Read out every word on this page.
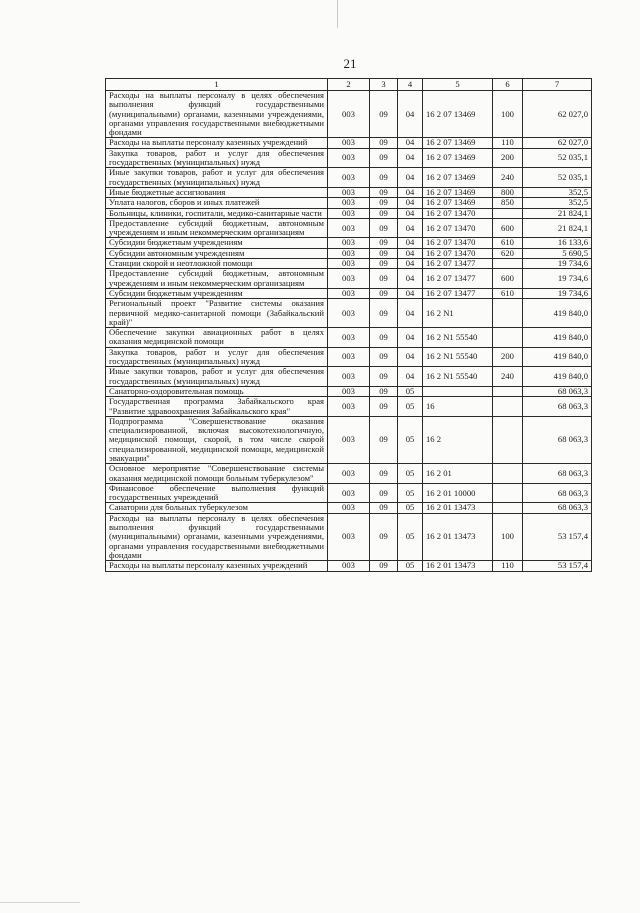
21
1	2	3	4	5	6	7
Расходы на выплаты персоналу в целях обеспечения выполнения функций государственными (муниципальными) органами, казенными учреждениями, органами управления государственными внебюджетными фондами	003	09	04	16 2 07 13469	100	62 027,0
Расходы на выплаты персоналу казенных учреждений	003	09	04	16 2 07 13469	110	62 027,0
Закупка товаров, работ и услуг для обеспечения государственных (муниципальных) нужд	003	09	04	16 2 07 13469	200	52 035,1
Иные закупки товаров, работ и услуг для обеспечения государственных (муниципальных) нужд	003	09	04	16 2 07 13469	240	52 035,1
Иные бюджетные ассигнования	003	09	04	16 2 07 13469	800	352,5
Уплата налогов, сборов и иных платежей	003	09	04	16 2 07 13469	850	352,5
Больницы, клиники, госпитали, медико-санитарные части	003	09	04	16 2 07 13470		21 824,1
Предоставление субсидий бюджетным, автономным учреждениям и иным некоммерческим организациям	003	09	04	16 2 07 13470	600	21 824,1
Субсидии бюджетным учреждениям	003	09	04	16 2 07 13470	610	16 133,6
Субсидии автономным учреждениям	003	09	04	16 2 07 13470	620	5 690,5
Станции скорой и неотложной помощи	003	09	04	16 2 07 13477		19 734,6
Предоставление субсидий бюджетным, автономным учреждениям и иным некоммерческим организациям	003	09	04	16 2 07 13477	600	19 734,6
Субсидии бюджетным учреждениям	003	09	04	16 2 07 13477	610	19 734,6
Региональный проект "Развитие системы оказания первичной медико-санитарной помощи (Забайкальский край)"	003	09	04	16 2 N1		419 840,0
Обеспечение закупки авиационных работ в целях оказания медицинской помощи	003	09	04	16 2 N1 55540		419 840,0
Закупка товаров, работ и услуг для обеспечения государственных (муниципальных) нужд	003	09	04	16 2 N1 55540	200	419 840,0
Иные закупки товаров, работ и услуг для обеспечения государственных (муниципальных) нужд	003	09	04	16 2 N1 55540	240	419 840,0
Санаторно-оздоровительная помощь	003	09	05			68 063,3
Государственная программа Забайкальского края "Развитие здравоохранения Забайкальского края"	003	09	05	16		68 063,3
Подпрограмма "Совершенствование оказания специализированной, включая высокотехнологичную, медицинской помощи, скорой, в том числе скорой специализированной, медицинской помощи, медицинской эвакуации"	003	09	05	16 2		68 063,3
Основное мероприятие "Совершенствование системы оказания медицинской помощи больным туберкулезом"	003	09	05	16 2 01		68 063,3
Финансовое обеспечение выполнения функций государственных учреждений	003	09	05	16 2 01 10000		68 063,3
Санатории для больных туберкулезом	003	09	05	16 2 01 13473		68 063,3
Расходы на выплаты персоналу в целях обеспечения выполнения функций государственными (муниципальными) органами, казенными учреждениями, органами управления государственными внебюджетными фондами	003	09	05	16 2 01 13473	100	53 157,4
Расходы на выплаты персоналу казенных учреждений	003	09	05	16 2 01 13473	110	53 157,4
